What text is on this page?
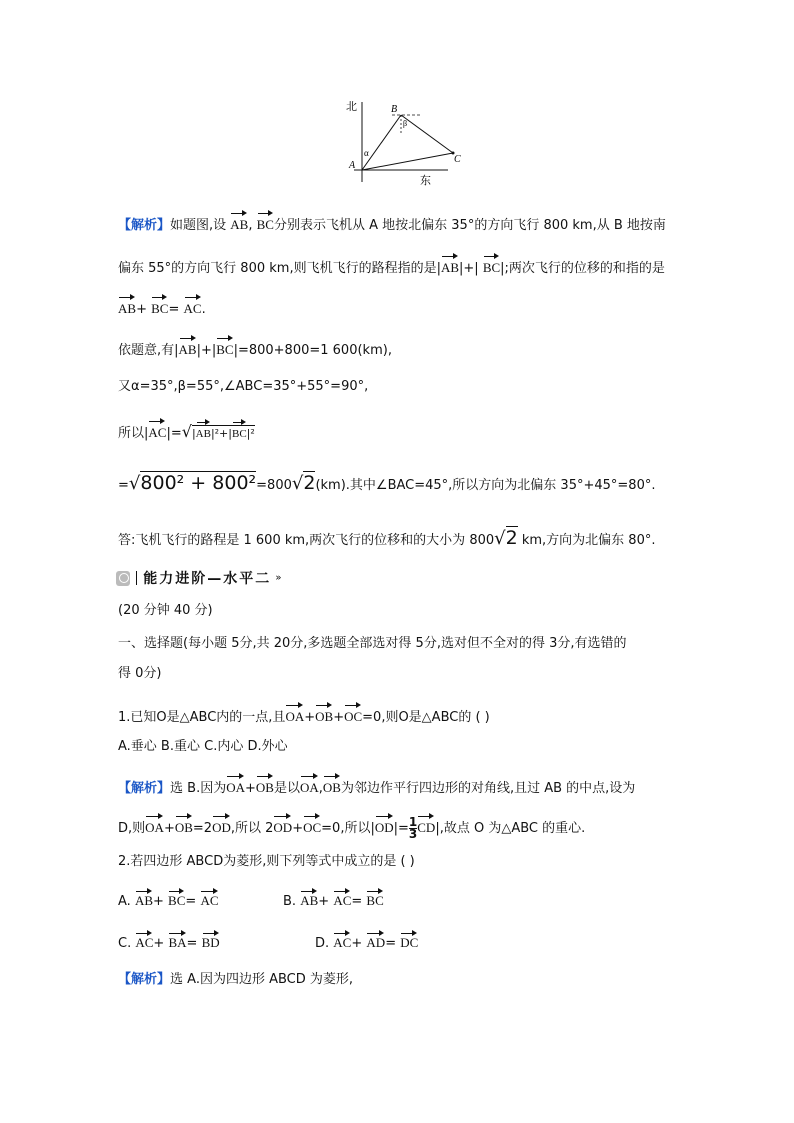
北
东
A
B
C
α
β
【解析】如题图,设 AB, BC分别表示飞机从 A 地按北偏东 35°的方向飞行 800 km,从 B 地按南
偏东 55°的方向飞行 800 km,则飞机飞行的路程指的是|AB|+| BC|;两次飞行的位移的和指的是
AB+ BC= AC.
依题意,有|AB|+|BC|=800+800=1 600(km),
又α=35°,β=55°,∠ABC=35°+55°=90°,
所以|AC|=√|AB|²+|BC|²
=√800² + 800²=800√2(km).其中∠BAC=45°,所以方向为北偏东 35°+45°=80°.
答:飞机飞行的路程是 1 600 km,两次飞行的位移和的大小为 800√2 km,方向为北偏东 80°.
能力进阶—水平二 »
(20 分钟 40 分)
一、选择题(每小题 5分,共 20分,多选题全部选对得 5分,选对但不全对的得 3分,有选错的
得 0分)
1.已知O是△ABC内的一点,且OA+OB+OC=0,则O是△ABC的 ( )
A.垂心 B.重心 C.内心 D.外心
【解析】选 B.因为OA+OB是以OA,OB为邻边作平行四边形的对角线,且过 AB 的中点,设为
D,则OA+OB=2OD,所以 2OD+OC=0,所以$|OD|=\frac{1}{3} CD|$,故点 O 为△ABC 的重心.
2.若四边形 ABCD为菱形,则下列等式中成立的是 ( )
A. AB+ BC= AC	B. AB+ AC= BC
C. AC+ BA= BD	D. AC+ AD= DC
【解析】选 A.因为四边形 ABCD 为菱形,
